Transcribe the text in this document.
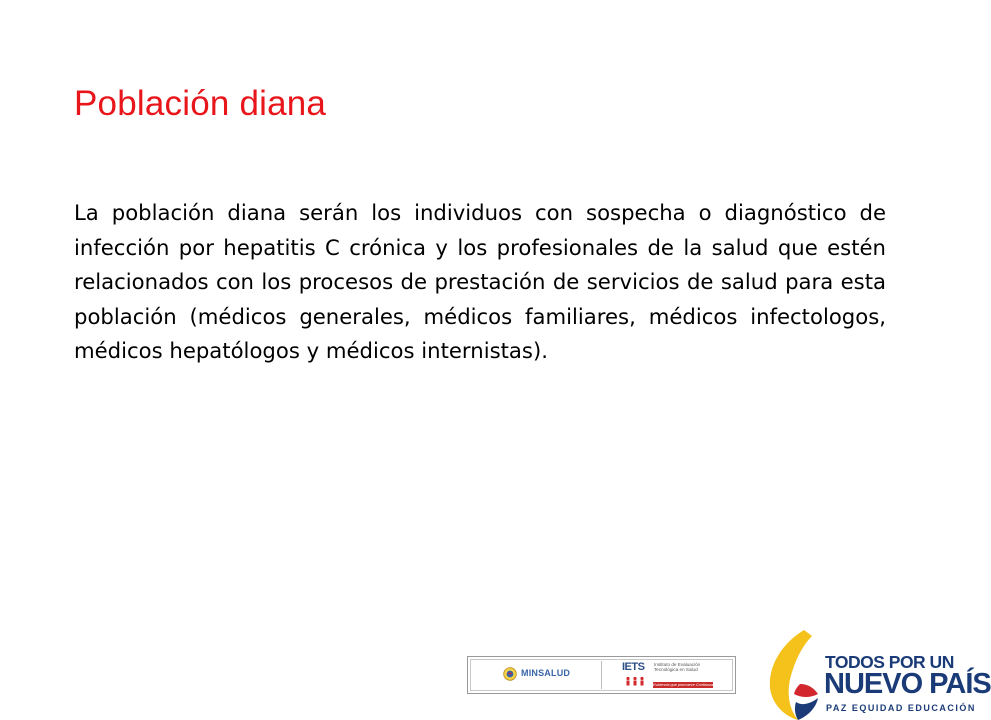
Población diana

La población diana serán los individuos con sospecha o diagnóstico de infección por hepatitis C crónica y los profesionales de la salud que estén relacionados con los procesos de prestación de servicios de salud para esta población (médicos generales, médicos familiares, médicos infectologos, médicos hepatólogos y médicos internistas).

MINSALUD	IETS Instituto de Evaluación Tecnológica en Salud
Evidencia que promueve Confianza
TODOS POR UN
NUEVO PAÍS
PAZ EQUIDAD EDUCACIÓN
